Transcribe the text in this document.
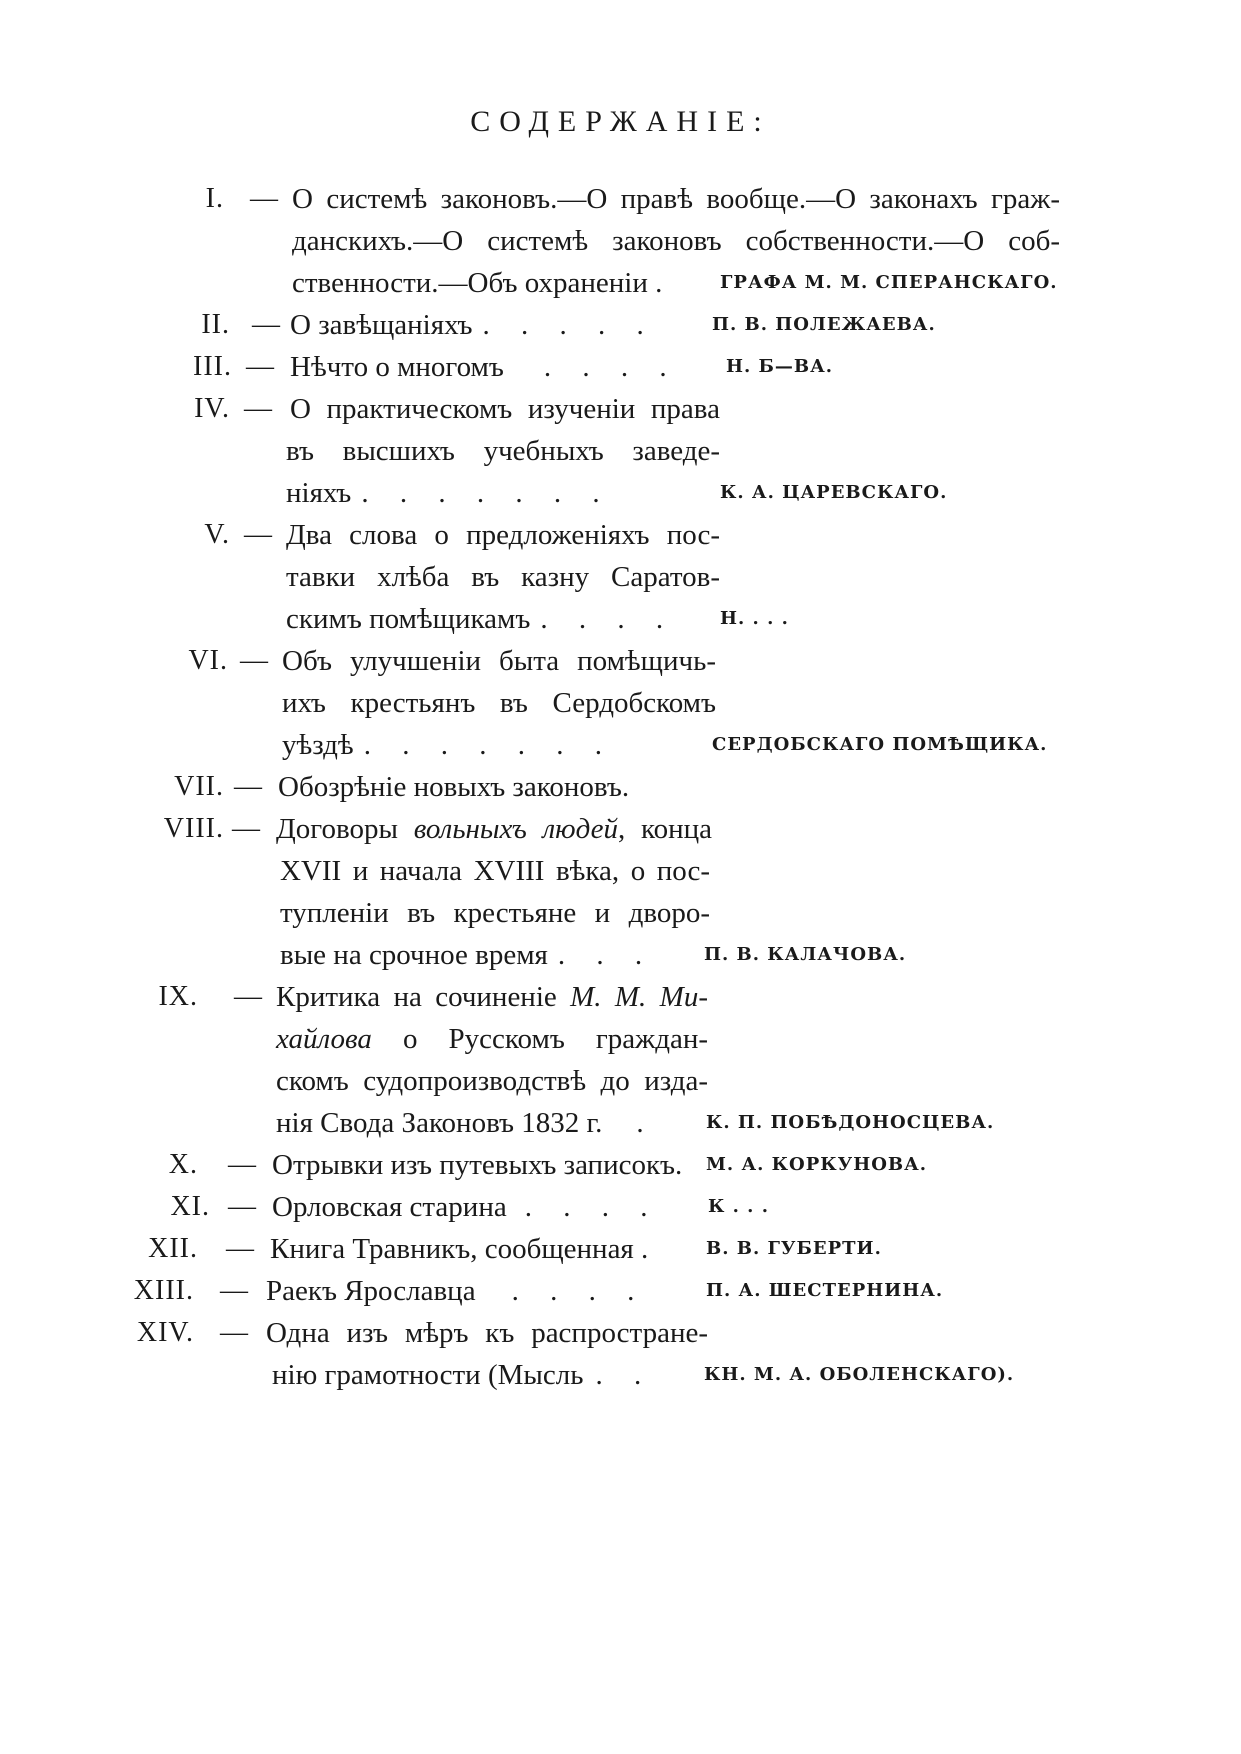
СОДЕРЖАНІЕ:
I. — О системѣ законовъ.—О правѣ вообще.—О законахъ граж-
данскихъ.—О системѣ законовъ собственности.—О соб-
ственности.—Объ охраненіи .	ГРАФА М. М. СПЕРАНСКАГО.
II. — О завѣщаніяхъ . . . . .	П. В. ПОЛЕЖАЕВА.
III. — Нѣчто о многомъ . . . .	Н. Б—ВА.
IV. — О практическомъ изученіи права
въ высшихъ учебныхъ заведе-
ніяхъ . . . . . . .	К. А. ЦАРЕВСКАГО.
V. — Два слова о предложеніяхъ пос-
тавки хлѣба въ казну Саратов-
скимъ помѣщикамъ . . . .	Н. . . .
VI. — Объ улучшеніи быта помѣщичь-
ихъ крестьянъ въ Сердобскомъ
уѣздѣ . . . . . . .	СЕРДОБСКАГО ПОМѢЩИКА.
VII. — Обозрѣніе новыхъ законовъ.
VIII. — Договоры вольныхъ людей, конца
XVII и начала XVIII вѣка, о пос-
тупленіи въ крестьяне и дворо-
вые на срочное время . . .	П. В. КАЛАЧОВА.
IX. — Критика на сочиненіе М. М. Ми-
хайлова о Русскомъ граждан-
скомъ судопроизводствѣ до изда-
нія Свода Законовъ 1832 г. .	К. П. ПОБѢДОНОСЦЕВА.
X. — Отрывки изъ путевыхъ записокъ.	М. А. КОРКУНОВА.
XI. — Орловская старина . . . .	К . . .
XII. — Книга Травникъ, сообщенная .	В. В. ГУБЕРТИ.
XIII. — Раекъ Ярославца . . . .	П. А. ШЕСТЕРНИНА.
XIV. — Одна изъ мѣръ къ распростране-
нію грамотности (Мысль . .	КН. М. А. ОБОЛЕНСКАГО).
